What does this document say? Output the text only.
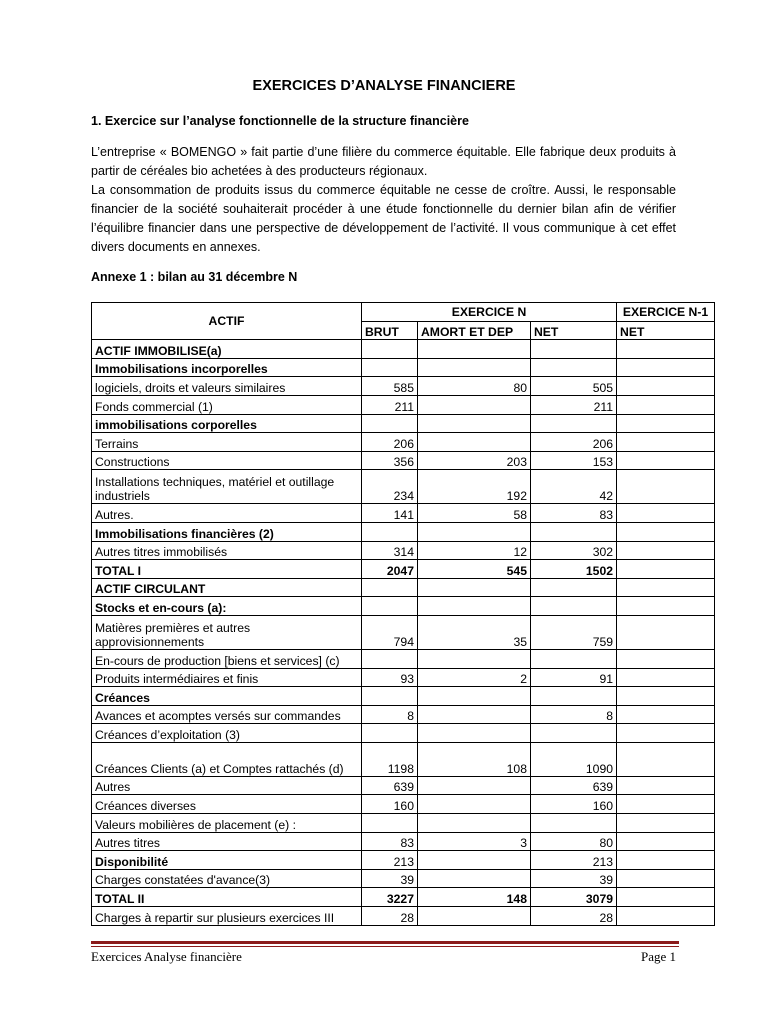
EXERCICES D’ANALYSE FINANCIERE
1. Exercice sur l’analyse fonctionnelle de la structure financière

L’entreprise « BOMENGO » fait partie d’une filière du commerce équitable. Elle fabrique deux produits à partir de céréales bio achetées à des producteurs régionaux.

La consommation de produits issus du commerce équitable ne cesse de croître. Aussi, le responsable financier de la société souhaiterait procéder à une étude fonctionnelle du dernier bilan afin de vérifier l’équilibre financier dans une perspective de développement de l’activité. Il vous communique à cet effet divers documents en annexes.

Annexe 1 : bilan au 31 décembre N
ACTIF	EXERCICE N			EXERCICE N-1
	BRUT	AMORT ET DEP	NET	NET
ACTIF IMMOBILISE(a)				
Immobilisations incorporelles				
logiciels, droits et valeurs similaires	585	80	505	
Fonds commercial (1)	211		211	
immobilisations corporelles				
Terrains	206		206	
Constructions	356	203	153	
Installations techniques, matériel et outillage industriels	234	192	42	
Autres.	141	58	83	
Immobilisations financières (2)				
Autres titres immobilisés	314	12	302	
TOTAL I	2047	545	1502	
ACTIF CIRCULANT				
Stocks et en-cours (a):				
Matières premières et autres approvisionnements	794	35	759	
En-cours de production [biens et services] (c)				
Produits intermédiaires et finis	93	2	91	
Créances				
Avances et acomptes versés sur commandes	8		8	
Créances d’exploitation (3)				
Créances Clients (a) et Comptes rattachés (d)	1198	108	1090	
Autres	639		639	
Créances diverses	160		160	
Valeurs mobilières de placement (e) :				
Autres titres	83	3	80	
Disponibilité	213		213	
Charges constatées d'avance(3)	39		39	
TOTAL II	3227	148	3079	
Charges à repartir sur plusieurs exercices III	28		28	
Exercices Analyse financière	Page 1
